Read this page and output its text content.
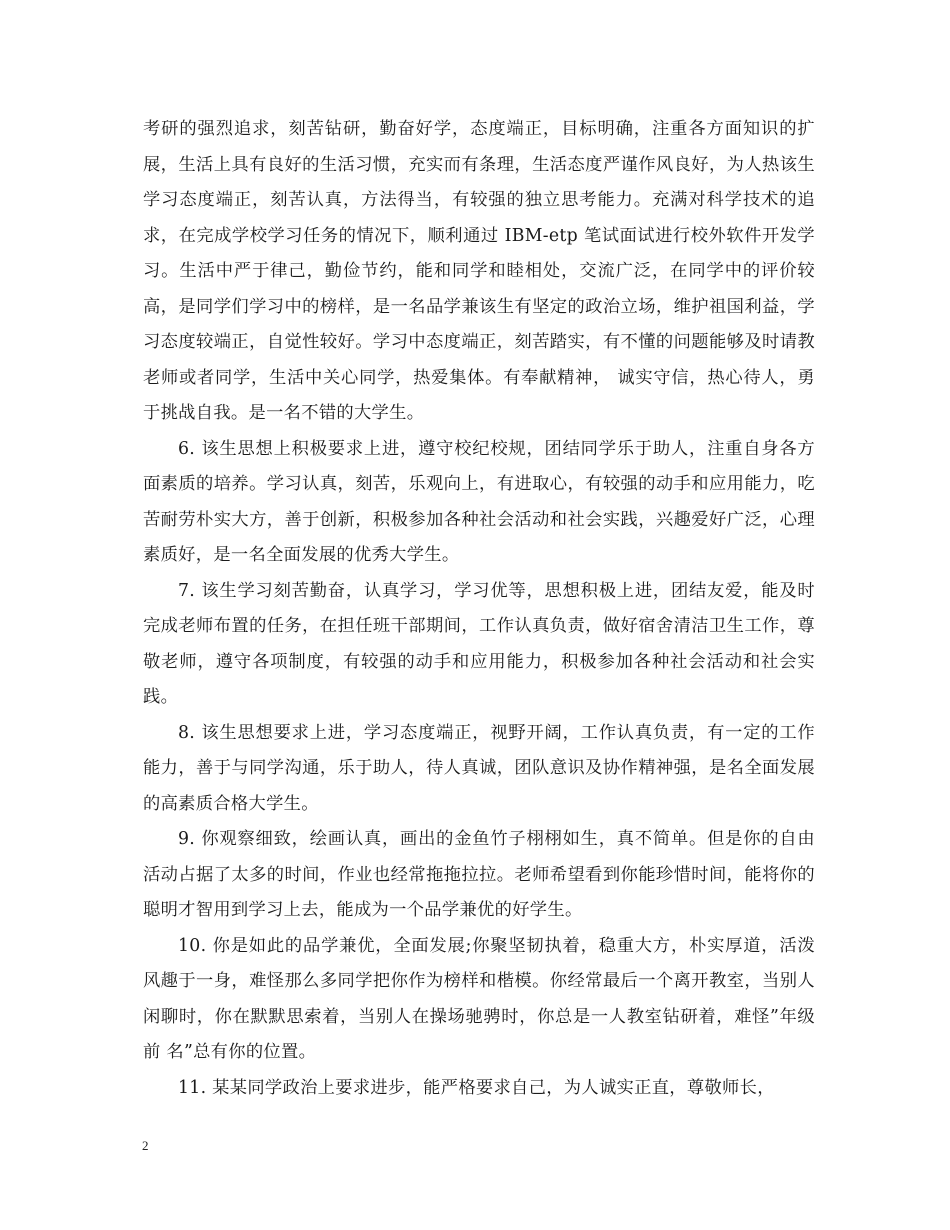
考研的强烈追求，刻苦钻研，勤奋好学，态度端正，目标明确，注重各方面知识的扩展，生活上具有良好的生活习惯，充实而有条理，生活态度严谨作风良好，为人热该生学习态度端正，刻苦认真，方法得当，有较强的独立思考能力。充满对科学技术的追求，在完成学校学习任务的情况下，顺利通过 IBM-etp 笔试面试进行校外软件开发学习。生活中严于律己，勤俭节约，能和同学和睦相处，交流广泛，在同学中的评价较高，是同学们学习中的榜样，是一名品学兼该生有坚定的政治立场，维护祖国利益，学习态度较端正，自觉性较好。学习中态度端正，刻苦踏实，有不懂的问题能够及时请教老师或者同学，生活中关心同学，热爱集体。有奉献精神， 诚实守信，热心待人，勇于挑战自我。是一名不错的大学生。

6. 该生思想上积极要求上进，遵守校纪校规，团结同学乐于助人，注重自身各方面素质的培养。学习认真，刻苦，乐观向上，有进取心，有较强的动手和应用能力，吃苦耐劳朴实大方，善于创新，积极参加各种社会活动和社会实践，兴趣爱好广泛，心理素质好，是一名全面发展的优秀大学生。

7. 该生学习刻苦勤奋，认真学习，学习优等，思想积极上进，团结友爱，能及时完成老师布置的任务，在担任班干部期间，工作认真负责，做好宿舍清洁卫生工作，尊敬老师，遵守各项制度，有较强的动手和应用能力，积极参加各种社会活动和社会实践。

8. 该生思想要求上进，学习态度端正，视野开阔，工作认真负责，有一定的工作能力，善于与同学沟通，乐于助人，待人真诚，团队意识及协作精神强，是名全面发展的高素质合格大学生。

9. 你观察细致，绘画认真，画出的金鱼竹子栩栩如生，真不简单。但是你的自由活动占据了太多的时间，作业也经常拖拖拉拉。老师希望看到你能珍惜时间，能将你的聪明才智用到学习上去，能成为一个品学兼优的好学生。

10. 你是如此的品学兼优，全面发展;你聚坚韧执着，稳重大方，朴实厚道，活泼风趣于一身，难怪那么多同学把你作为榜样和楷模。你经常最后一个离开教室，当别人闲聊时，你在默默思索着，当别人在操场驰骋时，你总是一人教室钻研着，难怪”年级前 名”总有你的位置。

11. 某某同学政治上要求进步，能严格要求自己，为人诚实正直，尊敬师长，

2
